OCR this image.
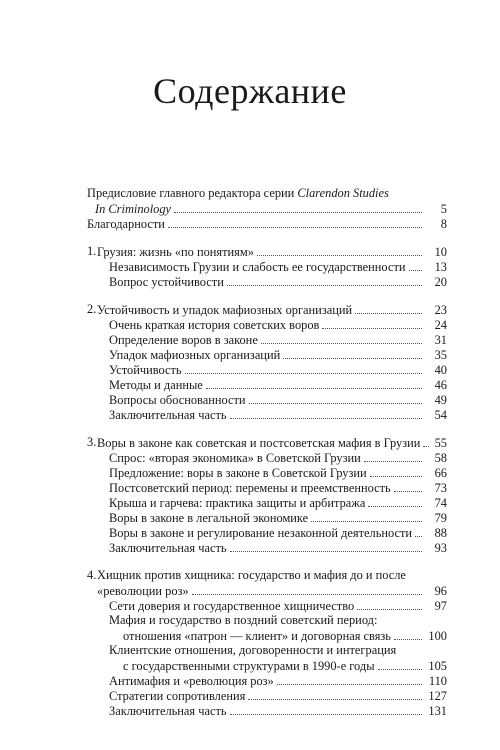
Содержание
Предисловие главного редактора серии Clarendon Studies
In Criminology	5
Благодарности	8
1. Грузия: жизнь «по понятиям»	10
Независимость Грузии и слабость ее государственности	13
Вопрос устойчивости	20
2. Устойчивость и упадок мафиозных организаций	23
Очень краткая история советских воров	24
Определение воров в законе	31
Упадок мафиозных организаций	35
Устойчивость	40
Методы и данные	46
Вопросы обоснованности	49
Заключительная часть	54
3. Воры в законе как советская и постсоветская мафия в Грузии 55
Спрос: «вторая экономика» в Советской Грузии	58
Предложение: воры в законе в Советской Грузии	66
Постсоветский период: перемены и преемственность	73
Крыша и гарчева: практика защиты и арбитража	74
Воры в законе в легальной экономике	79
Воры в законе и регулирование незаконной деятельности	88
Заключительная часть	93
4. Хищник против хищника: государство и мафия до и после
«революции роз»	96
Сети доверия и государственное хищничество	97
Мафия и государство в поздний советский период:
отношения «патрон — клиент» и договорная связь	100
Клиентские отношения, договоренности и интеграция
с государственными структурами в 1990-е годы	105
Антимафия и «революция роз»	110
Стратегии сопротивления	127
Заключительная часть	131
